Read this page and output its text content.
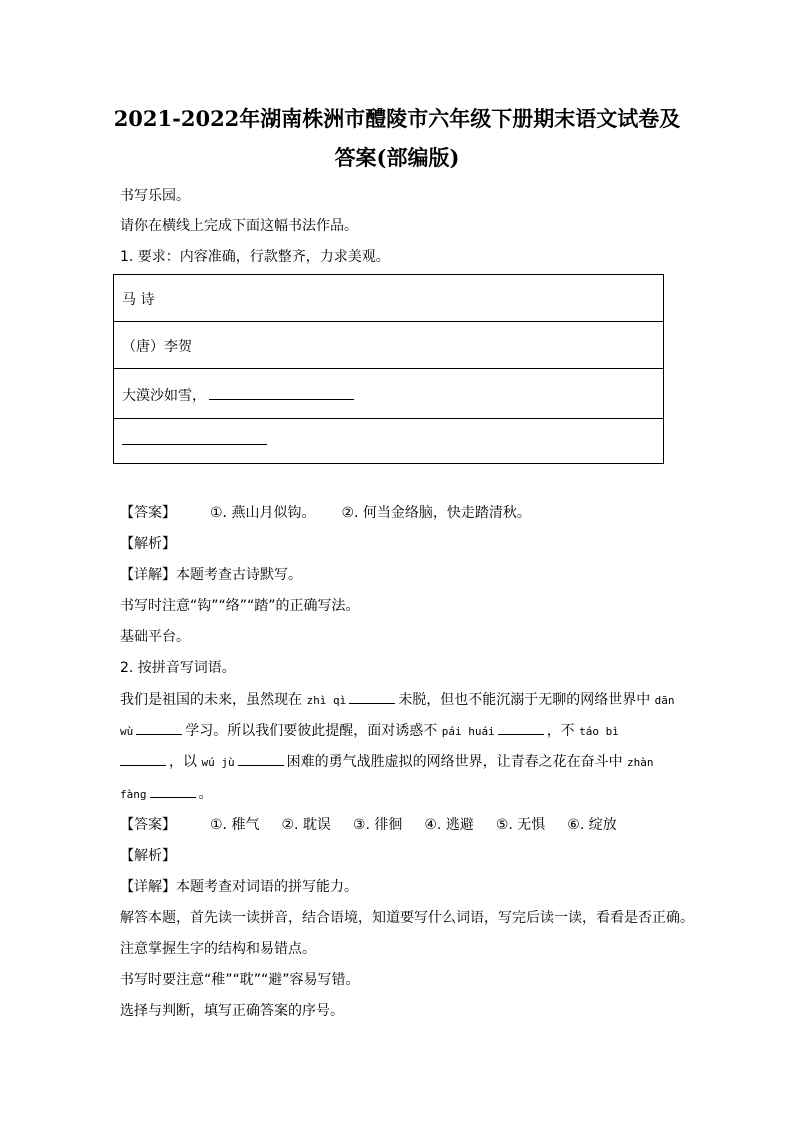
2021-2022年湖南株洲市醴陵市六年级下册期末语文试卷及
答案(部编版)
书写乐园。
请你在横线上完成下面这幅书法作品。
1. 要求：内容准确，行款整齐，力求美观。
马 诗
（唐）李贺
大漠沙如雪，
【答案】 ①. 燕山月似钩。 ②. 何当金络脑，快走踏清秋。
【解析】
【详解】本题考查古诗默写。
书写时注意“钩”“络”“踏”的正确写法。
基础平台。
2. 按拼音写词语。
我们是祖国的未来，虽然现在 zhì qì	未脱，但也不能沉溺于无聊的网络世界中 dān
wù	学习。所以我们要彼此提醒，面对诱惑不 pái huái	，不 táo bì
，以 wú jù	困难的勇气战胜虚拟的网络世界，让青春之花在奋斗中 zhàn
fàng	。
【答案】 ①. 稚气 ②. 耽误 ③. 徘徊 ④. 逃避 ⑤. 无惧 ⑥. 绽放
【解析】
【详解】本题考查对词语的拼写能力。
解答本题，首先读一读拼音，结合语境，知道要写什么词语，写完后读一读，看看是否正确。
注意掌握生字的结构和易错点。
书写时要注意“稚”“耽”“避”容易写错。
选择与判断，填写正确答案的序号。
